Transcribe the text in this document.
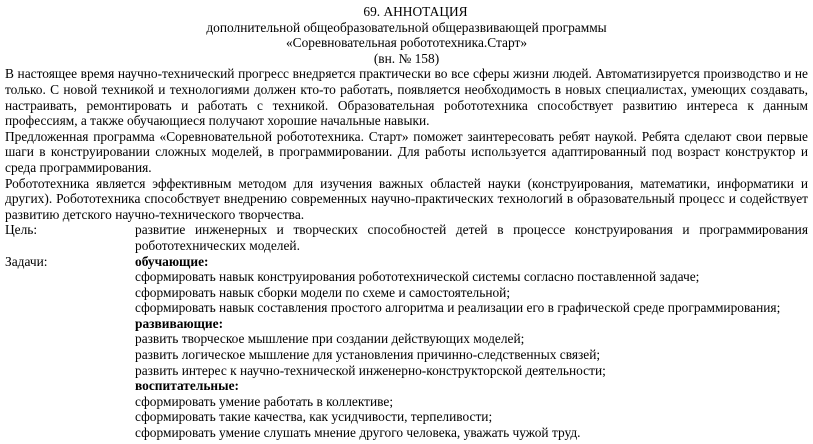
69. АННОТАЦИЯ
дополнительной общеобразовательной общеразвивающей программы
«Соревновательная робототехника.Старт»
(вн. № 158)

В настоящее время научно-технический прогресс внедряется практически во все сферы жизни людей. Автоматизируется производство и не только. С новой техникой и технологиями должен кто-то работать, появляется необходимость в новых специалистах, умеющих создавать, настраивать, ремонтировать и работать с техникой. Образовательная робототехника способствует развитию интереса к данным профессиям, а также обучающиеся получают хорошие начальные навыки.

Предложенная программа «Соревновательной робототехника. Старт» поможет заинтересовать ребят наукой. Ребята сделают свои первые шаги в конструировании сложных моделей, в программировании. Для работы используется адаптированный под возраст конструктор и среда программирования.

Робототехника является эффективным методом для изучения важных областей науки (конструирования, математики, информатики и других). Робототехника способствует внедрению современных научно-практических технологий в образовательный процесс и содействует развитию детского научно-технического творчества.

Цель:	развитие инженерных и творческих способностей детей в процессе конструирования и программирования робототехнических моделей.
Задачи:	обучающие:
сформировать навык конструирования робототехнической системы согласно поставленной задаче;
сформировать навык сборки модели по схеме и самостоятельной;
сформировать навык составления простого алгоритма и реализации его в графической среде программирования;
развивающие:
развить творческое мышление при создании действующих моделей;
развить логическое мышление для установления причинно-следственных связей;
развить интерес к научно-технической инженерно-конструкторской деятельности;
воспитательные:
сформировать умение работать в коллективе;
сформировать такие качества, как усидчивости, терпеливости;
сформировать умение слушать мнение другого человека, уважать чужой труд.
